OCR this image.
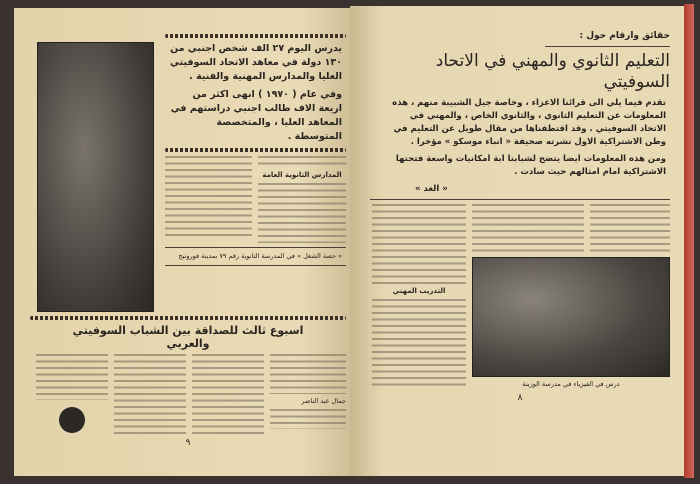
يدرس اليوم ٢٧ الف شخص اجنبي من ١٣٠ دولة في معاهد الاتحاد السوفيتي العليا والمدارس المهنية والفنية .
وفي عام ( ١٩٧٠ ) انهى اكثر من اربعة الاف طالب اجنبي دراستهم في المعاهد العليا ، والمتخصصة المتوسطة .
المدارس الثانوية العامة
« حصة الشغل » في المدرسة الثانوية رقم ٧٩ بمدينة فورونيج
اسبوع ثالث للصداقة بين الشباب السوفيتي والعربي
جمال عبد الناصر
٩
حقائق وارقام حول :
التعليم الثانوي والمهني في الاتحاد السوفيتي
تقدم فيما يلي الى قرائنا الاعزاء ، وخاصة جيل الشبيبة منهم ، هذه المعلومات عن التعليم الثانوي ، والثانوي الخاص ، والمهني في الاتحاد السوفيتي . وقد اقتطفناها من مقال طويل عن التعليم في وطن الاشتراكية الاول نشرته صحيفة « انباء موسكو » مؤخرا .
ومن هذه المعلومات ايضا يتضح لشبابنا ابة امكانيات واسعة فتحتها الاشتراكية امام امثالهم حيث سادت .
« الغد »
درس في الفيزياء في مدرسة الوزينة
التدريب المهني
٨
